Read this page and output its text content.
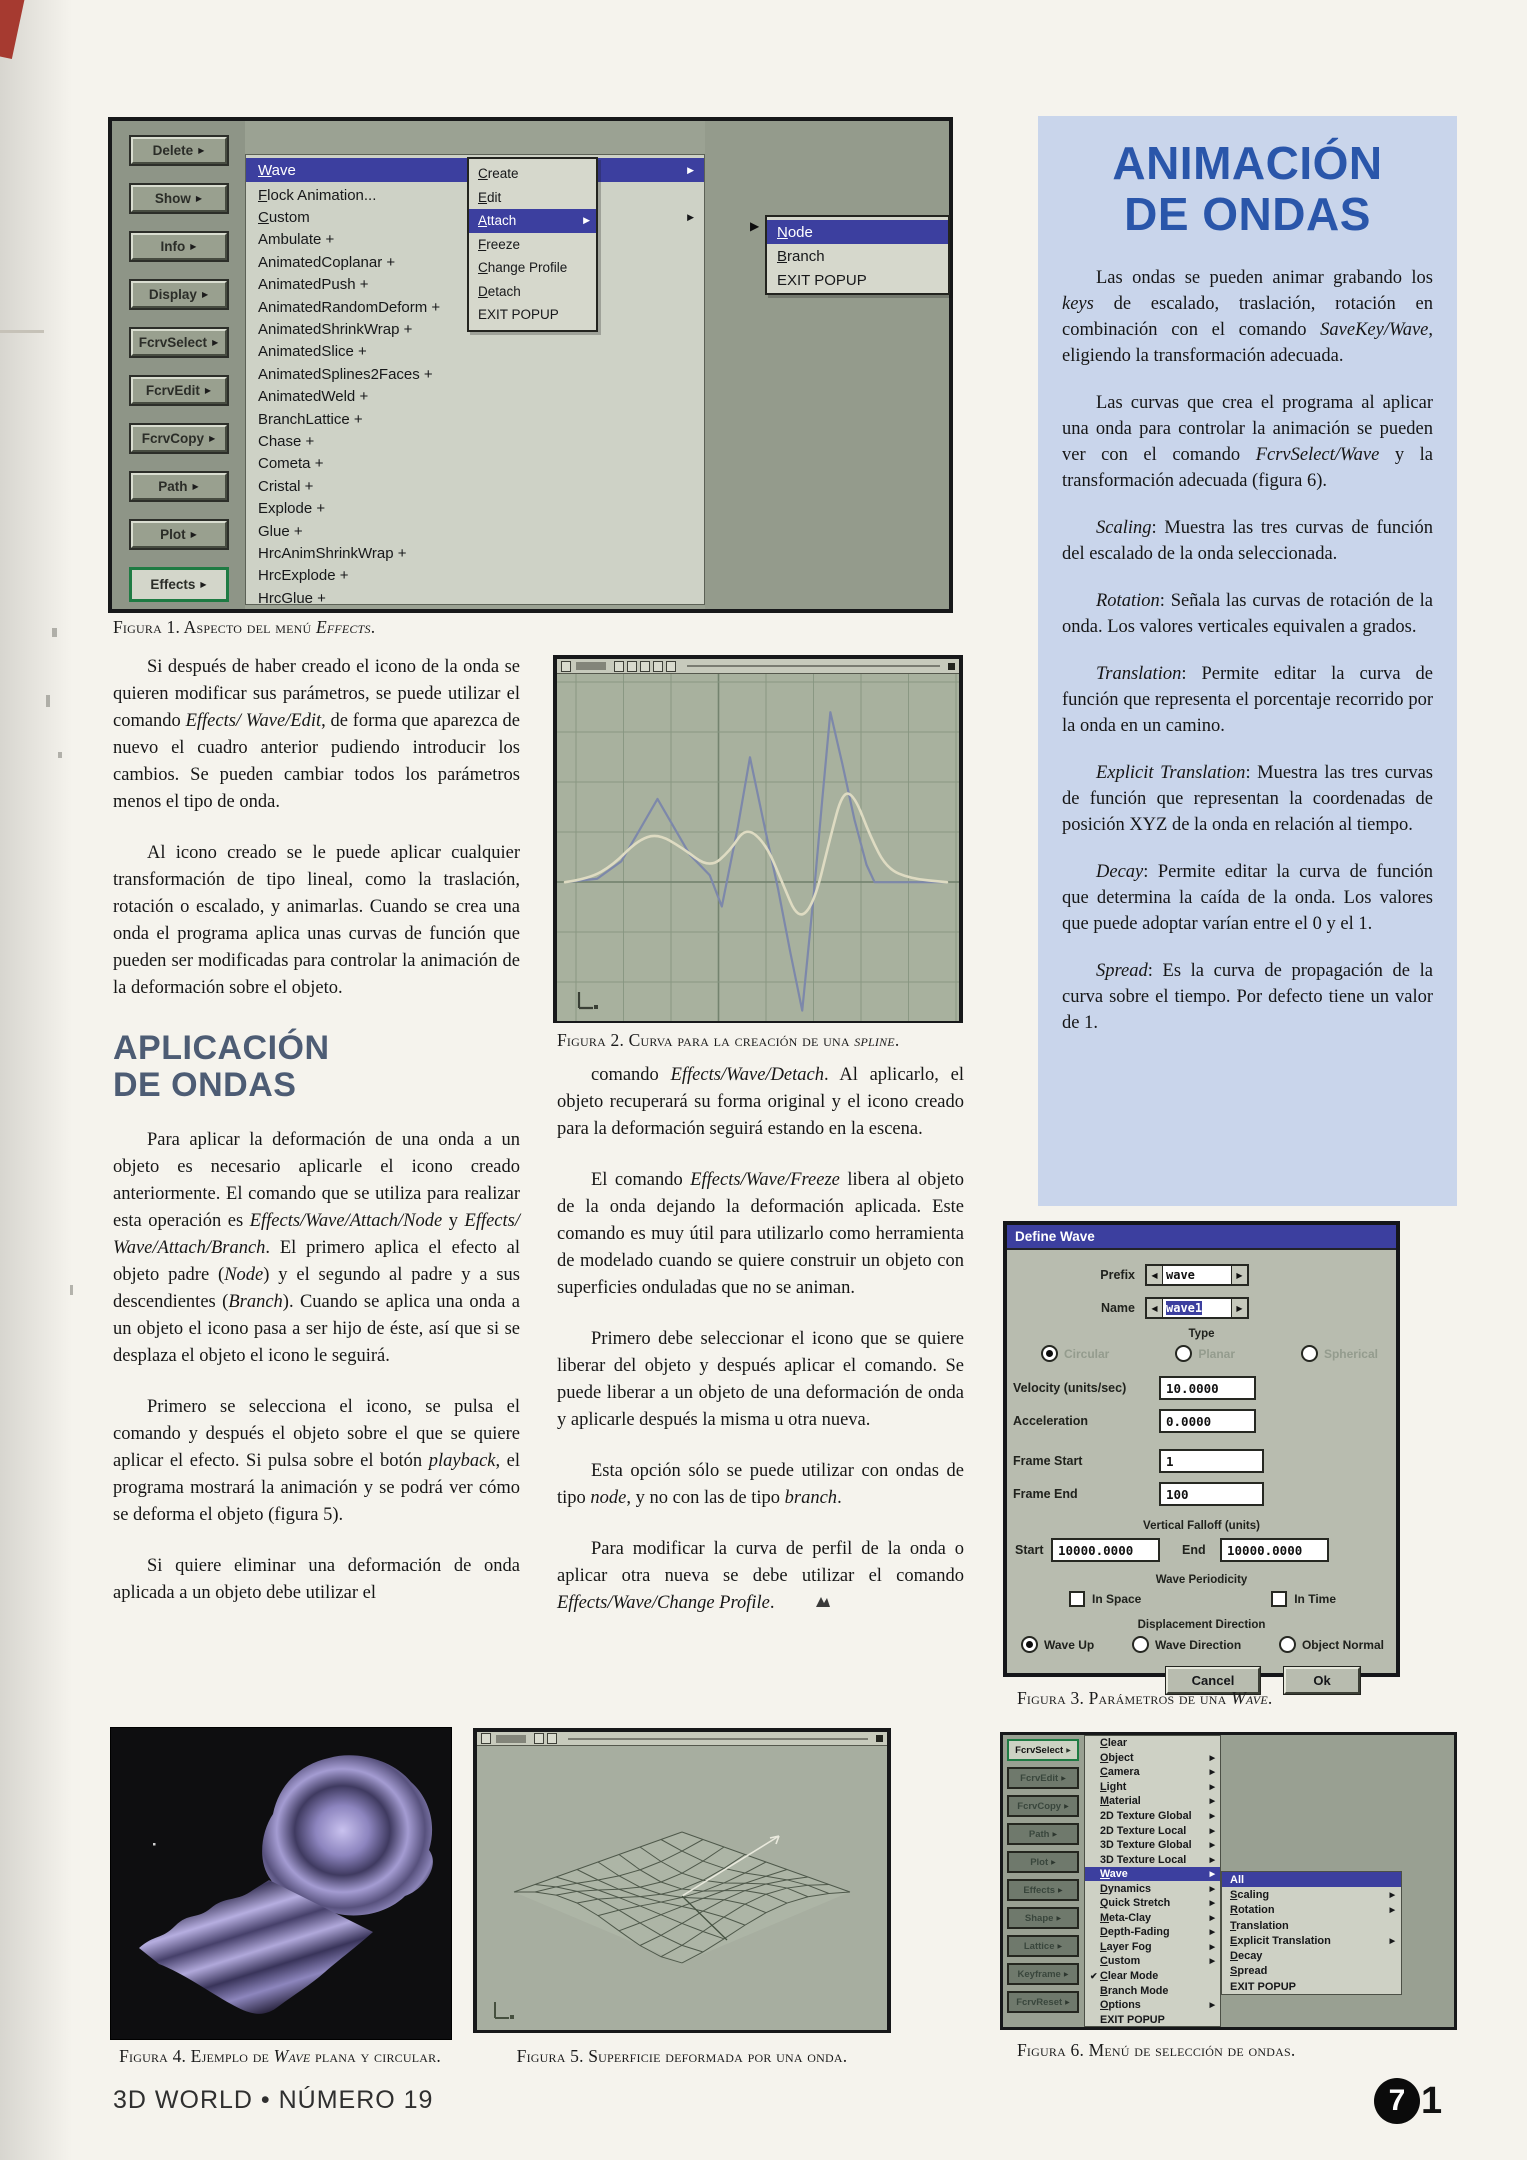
Delete ▶
Show ▶
Info ▶
Display ▶
FcrvSelect ▶
FcrvEdit ▶
FcrvCopy ▶
Path ▶
Plot ▶
Effects ▶
Wave	▶
Flock Animation...
Custom	▶
Ambulate +
AnimatedCoplanar +
AnimatedPush +
AnimatedRandomDeform +
AnimatedShrinkWrap +
AnimatedSlice +
AnimatedSplines2Faces +
AnimatedWeld +
BranchLattice +
Chase +
Cometa +
Cristal +
Explode +
Glue +
HrcAnimShrinkWrap +
HrcExplode +
HrcGlue +
Create
Edit
Attach	▶
Freeze
Change Profile
Detach
EXIT POPUP
▶ Node
Branch
EXIT POPUP

Figura 1. Aspecto del menú Effects.

Si después de haber creado el icono de la onda se quieren modificar sus parámetros, se puede utilizar el comando Effects/ Wave/Edit, de forma que aparezca de nuevo el cuadro anterior pudiendo introducir los cambios. Se pueden cambiar todos los parámetros menos el tipo de onda.

Al icono creado se le puede aplicar cualquier transformación de tipo lineal, como la traslación, rotación o escalado, y animarlas. Cuando se crea una onda el programa aplica unas curvas de función que pueden ser modificadas para controlar la animación de la deformación sobre el objeto.

APLICACIÓN
DE ONDAS

Para aplicar la deformación de una onda a un objeto es necesario aplicarle el icono creado anteriormente. El comando que se utiliza para realizar esta operación es Effects/Wave/Attach/Node y Effects/ Wave/Attach/Branch. El primero aplica el efecto al objeto padre (Node) y el segundo al padre y a sus descendientes (Branch). Cuando se aplica una onda a un objeto el icono pasa a ser hijo de éste, así que si se desplaza el objeto el icono le seguirá.

Primero se selecciona el icono, se pulsa el comando y después el objeto sobre el que se quiere aplicar el efecto. Si pulsa sobre el botón playback, el programa mostrará la animación y se podrá ver cómo se deforma el objeto (figura 5).

Si quiere eliminar una deformación de onda aplicada a un objeto debe utilizar el

Figura 2. Curva para la creación de una spline.

comando Effects/Wave/Detach. Al aplicarlo, el objeto recuperará su forma original y el icono creado para la deformación seguirá estando en la escena.

El comando Effects/Wave/Freeze libera al objeto de la onda dejando la deformación aplicada. Este comando es muy útil para utilizarlo como herramienta de modelado cuando se quiere construir un objeto con superficies onduladas que no se animan.

Primero debe seleccionar el icono que se quiere liberar del objeto y después aplicar el comando. Se puede liberar a un objeto de una deformación de onda y aplicarle después la misma u otra nueva.

Esta opción sólo se puede utilizar con ondas de tipo node, y no con las de tipo branch.

Para modificar la curva de perfil de la onda o aplicar otra nueva se debe utilizar el comando Effects/Wave/Change Profile.

ANIMACIÓN
DE ONDAS

Las ondas se pueden animar grabando los keys de escalado, traslación, rotación en combinación con el comando SaveKey/Wave, eligiendo la transformación adecuada.

Las curvas que crea el programa al aplicar una onda para controlar la animación se pueden ver con el comando FcrvSelect/Wave y la transformación adecuada (figura 6).

Scaling: Muestra las tres curvas de función del escalado de la onda seleccionada.

Rotation: Señala las curvas de rotación de la onda. Los valores verticales equivalen a grados.

Translation: Permite editar la curva de función que representa el porcentaje recorrido por la onda en un camino.

Explicit Translation: Muestra las tres curvas de función que representan la coordenadas de posición XYZ de la onda en relación al tiempo.

Decay: Permite editar la curva de función que determina la caída de la onda. Los valores que puede adoptar varían entre el 0 y el 1.

Spread: Es la curva de propagación de la curva sobre el tiempo. Por defecto tiene un valor de 1.

Define Wave
Prefix	◀ wave	▶
Name	◀ wave1	▶
Type
Circular	Planar	Spherical
Velocity (units/sec)	10.0000
Acceleration	0.0000
Frame Start	1
Frame End	100
Vertical Falloff (units)
Start	10000.0000	End	10000.0000
Wave Periodicity
In Space	In Time
Displacement Direction
Wave Up	Wave Direction	Object Normal
Cancel	Ok

Figura 3. Parámetros de una Wave.

Figura 4. Ejemplo de Wave plana y circular.	Figura 5. Superficie deformada por una onda.

FcrvSelect ▶
FcrvEdit ▶
FcrvCopy ▶
Path ▶
Plot ▶
Effects ▶
Shape ▶
Lattice ▶
Keyframe ▶
FcrvReset ▶
Clear
Object	▶
Camera	▶
Light	▶
Material	▶
2D Texture Global	▶
2D Texture Local	▶
3D Texture Global	▶
3D Texture Local	▶
Wave	▶
Dynamics	▶
Quick Stretch	▶
Meta-Clay	▶
Depth-Fading	▶
Layer Fog	▶
Custom	▶
✔ Clear Mode
Branch Mode
Options	▶
EXIT POPUP
All
Scaling	▶
Rotation	▶
Translation
Explicit Translation	▶
Decay
Spread
EXIT POPUP

Figura 6. Menú de selección de ondas.

3D WORLD • NÚMERO 19	7 1
